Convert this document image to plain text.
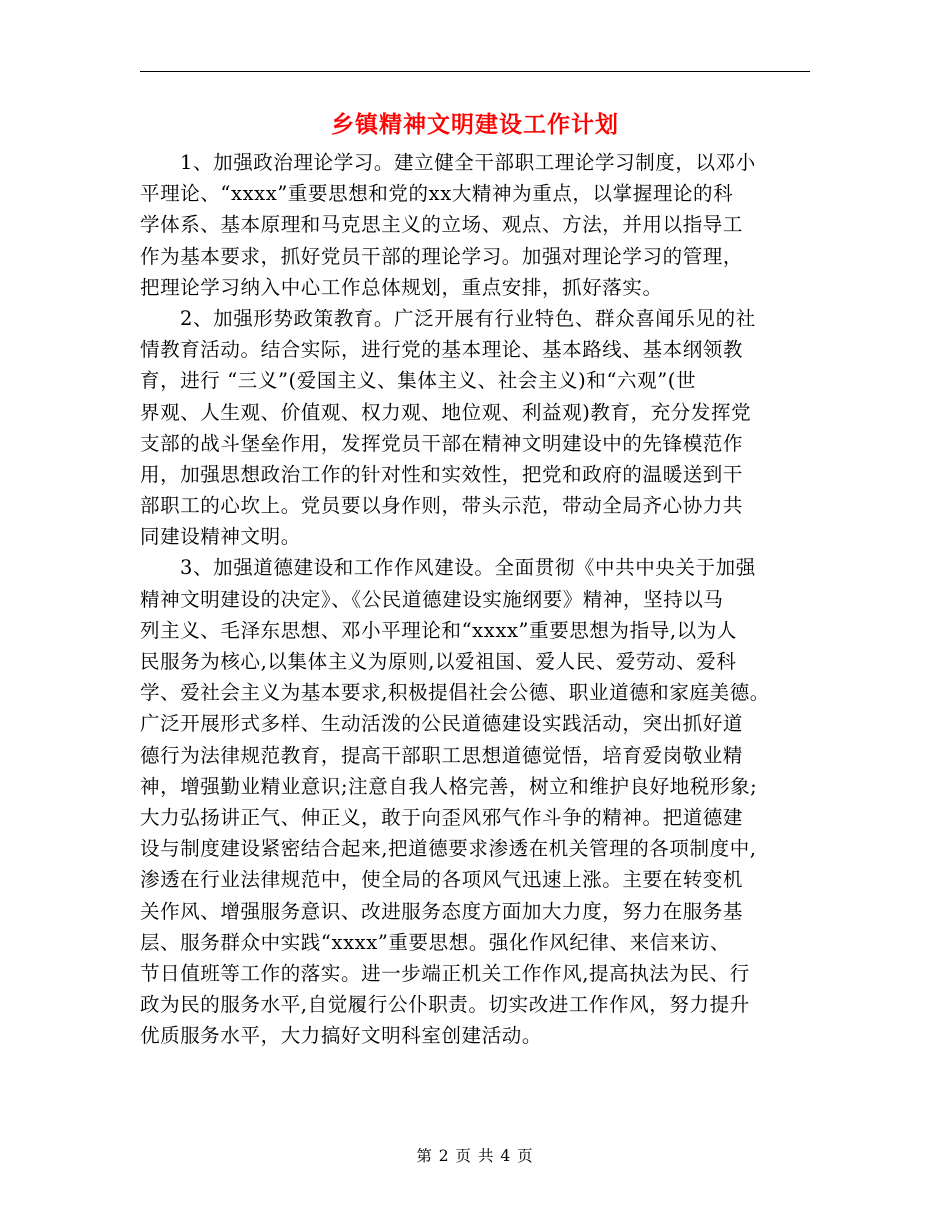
乡镇精神文明建设工作计划
1、加强政治理论学习。建立健全干部职工理论学习制度，以邓小
平理论、“xxxx”重要思想和党的xx大精神为重点，以掌握理论的科
学体系、基本原理和马克思主义的立场、观点、方法，并用以指导工
作为基本要求，抓好党员干部的理论学习。加强对理论学习的管理，
把理论学习纳入中心工作总体规划，重点安排，抓好落实。
2、加强形势政策教育。广泛开展有行业特色、群众喜闻乐见的社
情教育活动。结合实际，进行党的基本理论、基本路线、基本纲领教
育，进行 “三义”(爱国主义、集体主义、社会主义)和“六观”(世
界观、人生观、价值观、权力观、地位观、利益观)教育，充分发挥党
支部的战斗堡垒作用，发挥党员干部在精神文明建设中的先锋模范作
用，加强思想政治工作的针对性和实效性，把党和政府的温暖送到干
部职工的心坎上。党员要以身作则，带头示范，带动全局齐心协力共
同建设精神文明。
3、加强道德建设和工作作风建设。全面贯彻《中共中央关于加强
精神文明建设的决定》、《公民道德建设实施纲要》精神，坚持以马
列主义、毛泽东思想、邓小平理论和“xxxx”重要思想为指导,以为人
民服务为核心,以集体主义为原则,以爱祖国、爱人民、爱劳动、爱科
学、爱社会主义为基本要求,积极提倡社会公德、职业道德和家庭美德。
广泛开展形式多样、生动活泼的公民道德建设实践活动，突出抓好道
德行为法律规范教育，提高干部职工思想道德觉悟，培育爱岗敬业精
神，增强勤业精业意识;注意自我人格完善，树立和维护良好地税形象;
大力弘扬讲正气、伸正义，敢于向歪风邪气作斗争的精神。把道德建
设与制度建设紧密结合起来,把道德要求渗透在机关管理的各项制度中,
渗透在行业法律规范中，使全局的各项风气迅速上涨。主要在转变机
关作风、增强服务意识、改进服务态度方面加大力度，努力在服务基
层、服务群众中实践“xxxx”重要思想。强化作风纪律、来信来访、
节日值班等工作的落实。进一步端正机关工作作风,提高执法为民、行
政为民的服务水平,自觉履行公仆职责。切实改进工作作风，努力提升
优质服务水平，大力搞好文明科室创建活动。
第 2 页 共 4 页
